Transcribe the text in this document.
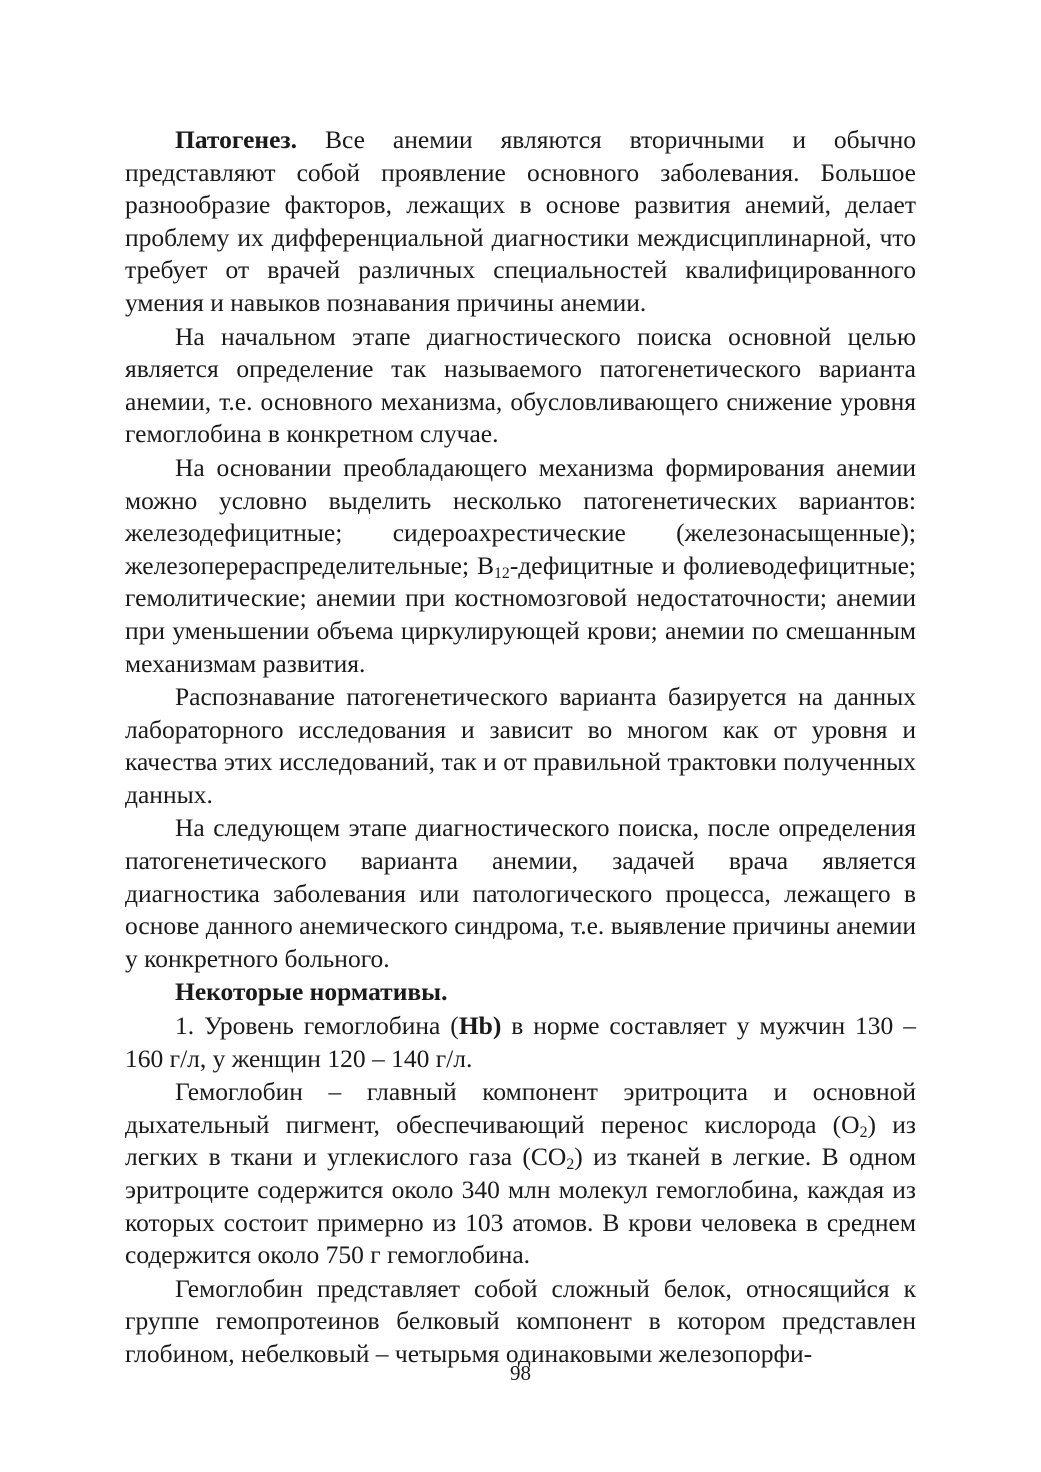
Патогенез. Все анемии являются вторичными и обычно представляют собой проявление основного заболевания. Большое разнообразие факторов, лежащих в основе развития анемий, делает проблему их дифференциальной диагностики междисциплинарной, что требует от врачей различных специальностей квалифицированного умения и навыков познавания причины анемии.

На начальном этапе диагностического поиска основной целью является определение так называемого патогенетического варианта анемии, т.е. основного механизма, обусловливающего снижение уровня гемоглобина в конкретном случае.

На основании преобладающего механизма формирования анемии можно условно выделить несколько патогенетических вариантов: железодефицитные; сидероахрестические (железонасыщенные); железоперераспределительные; $B_{12}$-дефицитные и фолиеводефицитные; гемолитические; анемии при костномозговой недостаточности; анемии при уменьшении объема циркулирующей крови; анемии по смешанным механизмам развития.

Распознавание патогенетического варианта базируется на данных лабораторного исследования и зависит во многом как от уровня и качества этих исследований, так и от правильной трактовки полученных данных.

На следующем этапе диагностического поиска, после определения патогенетического варианта анемии, задачей врача является диагностика заболевания или патологического процесса, лежащего в основе данного анемического синдрома, т.е. выявление причины анемии у конкретного больного.

Некоторые нормативы.

1. Уровень гемоглобина (Hb) в норме составляет у мужчин 130 – 160 г/л, у женщин 120 – 140 г/л.

Гемоглобин – главный компонент эритроцита и основной дыхательный пигмент, обеспечивающий перенос кислорода $(O_2)$ из легких в ткани и углекислого газа $(CO_2)$ из тканей в легкие. В одном эритроците содержится около 340 млн молекул гемоглобина, каждая из которых состоит примерно из 103 атомов. В крови человека в среднем содержится около 750 г гемоглобина.

Гемоглобин представляет собой сложный белок, относящийся к группе гемопротеинов белковый компонент в котором представлен глобином, небелковый – четырьмя одинаковыми железопорфи-

98
